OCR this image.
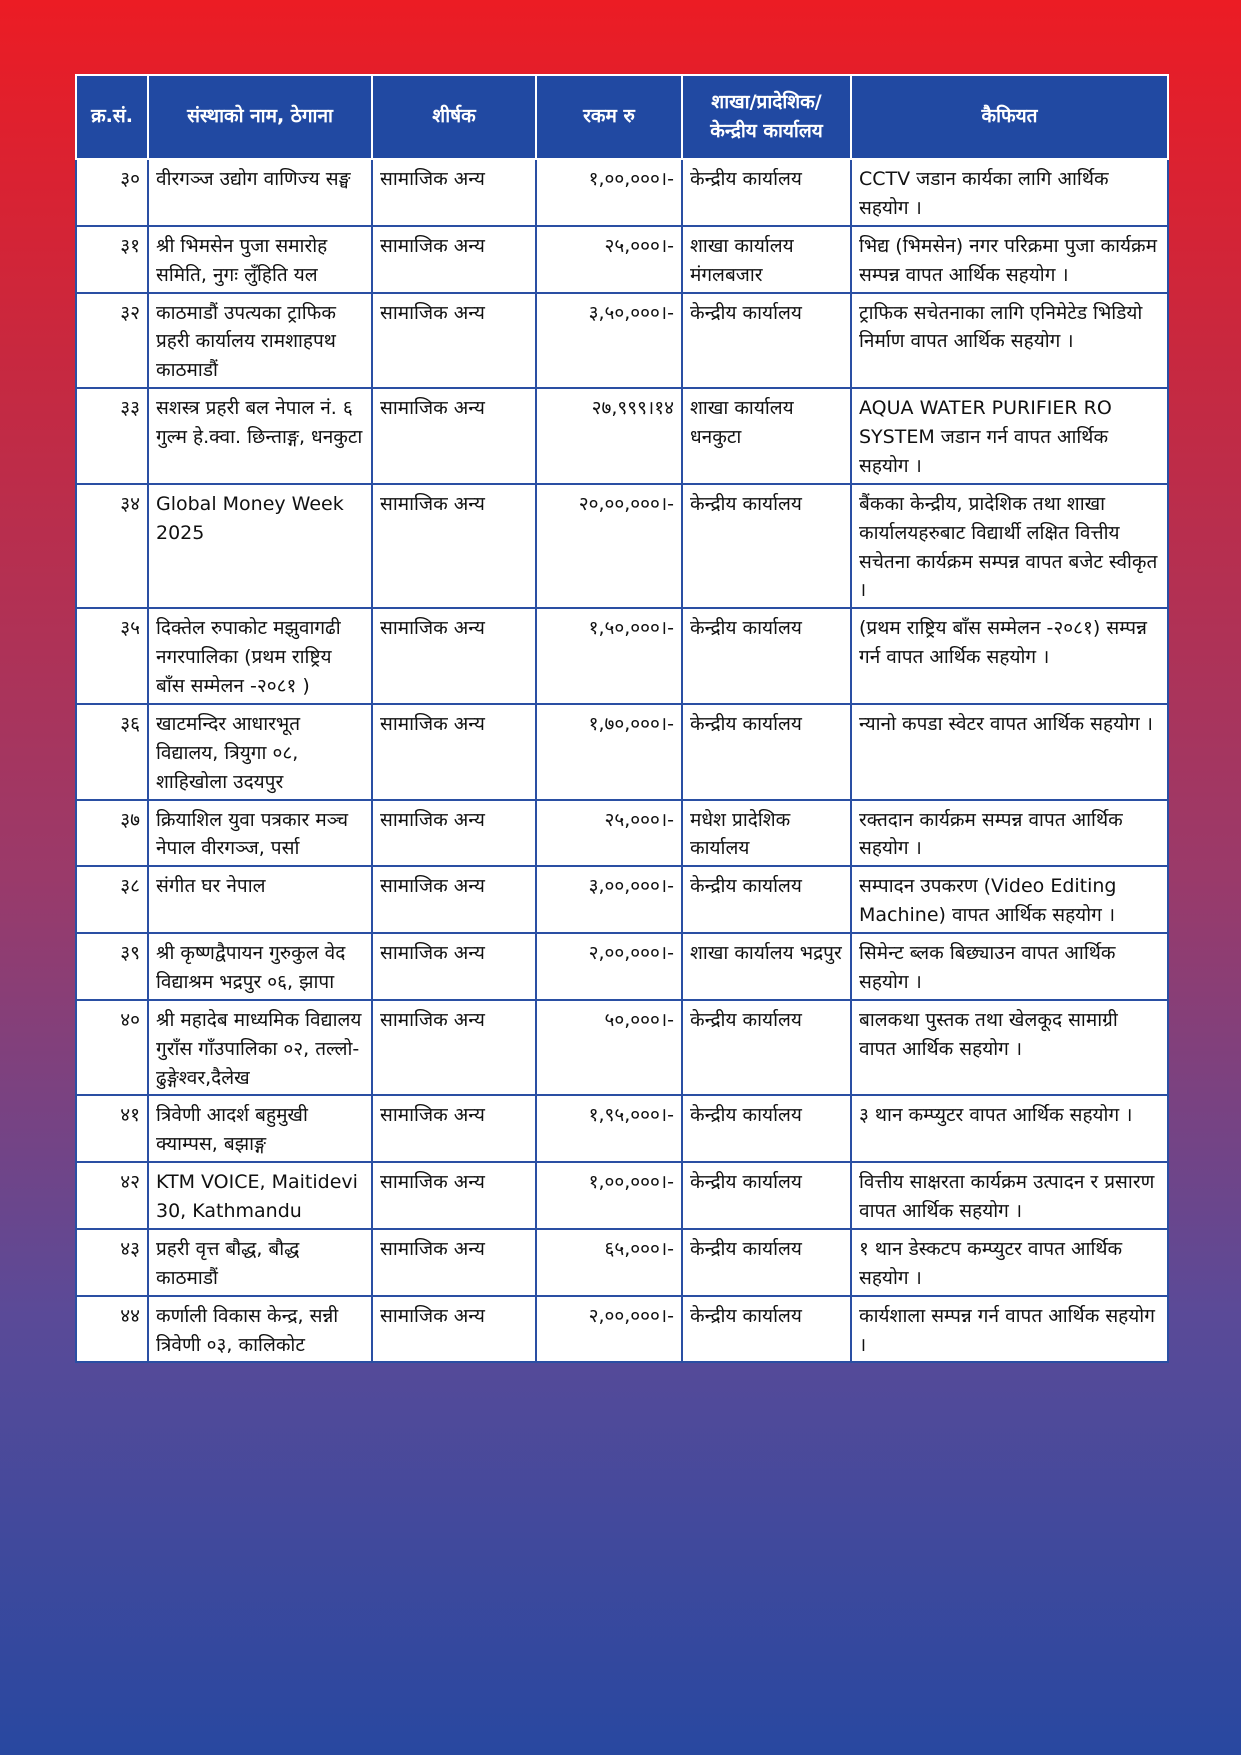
क्र.सं.	संस्थाको नाम, ठेगाना	शीर्षक	रकम रु	शाखा/प्रादेशिक/ केन्द्रीय कार्यालय	कैफियत
३०	वीरगञ्ज उद्योग वाणिज्य सङ्घ	सामाजिक अन्य	१,००,०००।-	केन्द्रीय कार्यालय	CCTV जडान कार्यका लागि आर्थिक सहयोग ।
३१	श्री भिमसेन पुजा समारोह समिति, नुगः लुँहिति यल	सामाजिक अन्य	२५,०००।-	शाखा कार्यालय मंगलबजार	भिद्य (भिमसेन) नगर परिक्रमा पुजा कार्यक्रम सम्पन्न वापत आर्थिक सहयोग ।
३२	काठमाडौं उपत्यका ट्राफिक प्रहरी कार्यालय रामशाहपथ काठमाडौं	सामाजिक अन्य	३,५०,०००।-	केन्द्रीय कार्यालय	ट्राफिक सचेतनाका लागि एनिमेटेड भिडियो निर्माण वापत आर्थिक सहयोग ।
३३	सशस्त्र प्रहरी बल नेपाल नं. ६ गुल्म हे.क्वा. छिन्ताङ्ग, धनकुटा	सामाजिक अन्य	२७,९९९।१४	शाखा कार्यालय धनकुटा	AQUA WATER PURIFIER RO SYSTEM जडान गर्न वापत आर्थिक सहयोग ।
३४	Global Money Week 2025	सामाजिक अन्य	२०,००,०००।-	केन्द्रीय कार्यालय	बैंकका केन्द्रीय, प्रादेशिक तथा शाखा कार्यालयहरुबाट विद्यार्थी लक्षित वित्तीय सचेतना कार्यक्रम सम्पन्न वापत बजेट स्वीकृत ।
३५	दिक्तेल रुपाकोट मझुवागढी नगरपालिका (प्रथम राष्ट्रिय बाँस सम्मेलन -२०८१ )	सामाजिक अन्य	१,५०,०००।-	केन्द्रीय कार्यालय	(प्रथम राष्ट्रिय बाँस सम्मेलन -२०८१) सम्पन्न गर्न वापत आर्थिक सहयोग ।
३६	खाटमन्दिर आधारभूत विद्यालय, त्रियुगा ०८, शाहिखोला उदयपुर	सामाजिक अन्य	१,७०,०००।-	केन्द्रीय कार्यालय	न्यानो कपडा स्वेटर वापत आर्थिक सहयोग ।
३७	क्रियाशिल युवा पत्रकार मञ्च नेपाल वीरगञ्ज, पर्सा	सामाजिक अन्य	२५,०००।-	मधेश प्रादेशिक कार्यालय	रक्तदान कार्यक्रम सम्पन्न वापत आर्थिक सहयोग ।
३८	संगीत घर नेपाल	सामाजिक अन्य	३,००,०००।-	केन्द्रीय कार्यालय	सम्पादन उपकरण (Video Editing Machine) वापत आर्थिक सहयोग ।
३९	श्री कृष्णद्वैपायन गुरुकुल वेद विद्याश्रम भद्रपुर ०६, झापा	सामाजिक अन्य	२,००,०००।-	शाखा कार्यालय भद्रपुर	सिमेन्ट ब्लक बिछ्याउन वापत आर्थिक सहयोग ।
४०	श्री महादेब माध्यमिक विद्यालय गुराँस गाँउपालिका ०२, तल्लो-ढुङ्गेश्वर,दैलेख	सामाजिक अन्य	५०,०००।-	केन्द्रीय कार्यालय	बालकथा पुस्तक तथा खेलकूद सामाग्री वापत आर्थिक सहयोग ।
४१	त्रिवेणी आदर्श बहुमुखी क्याम्पस, बझाङ्ग	सामाजिक अन्य	१,९५,०००।-	केन्द्रीय कार्यालय	३ थान कम्प्युटर वापत आर्थिक सहयोग ।
४२	KTM VOICE, Maitidevi 30, Kathmandu	सामाजिक अन्य	१,००,०००।-	केन्द्रीय कार्यालय	वित्तीय साक्षरता कार्यक्रम उत्पादन र प्रसारण वापत आर्थिक सहयोग ।
४३	प्रहरी वृत्त बौद्ध, बौद्ध काठमाडौं	सामाजिक अन्य	६५,०००।-	केन्द्रीय कार्यालय	१ थान डेस्कटप कम्प्युटर वापत आर्थिक सहयोग ।
४४	कर्णाली विकास केन्द्र, सन्नी त्रिवेणी ०३, कालिकोट	सामाजिक अन्य	२,००,०००।-	केन्द्रीय कार्यालय	कार्यशाला सम्पन्न गर्न वापत आर्थिक सहयोग ।
